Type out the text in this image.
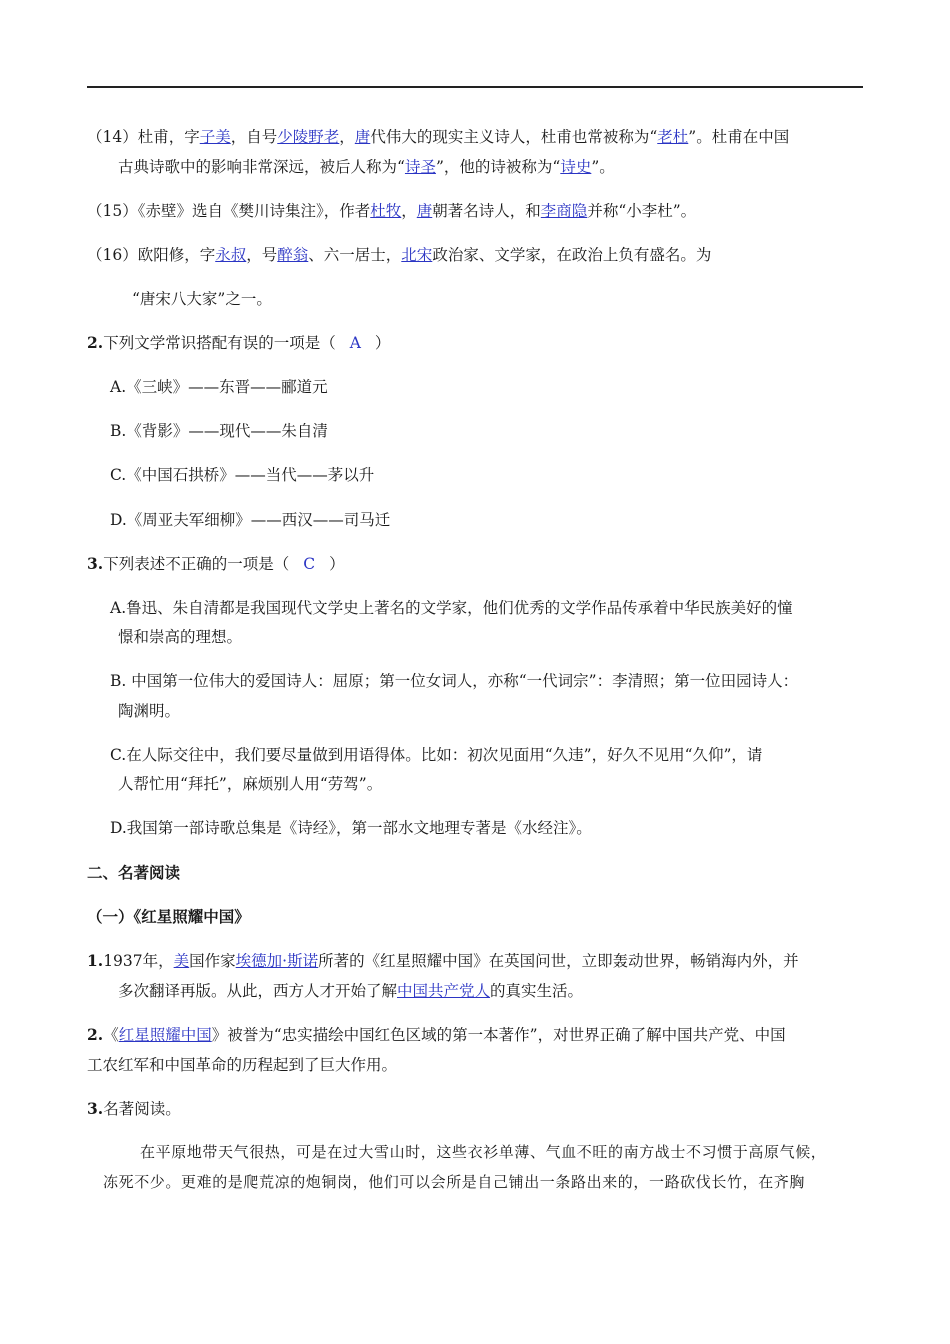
（14）杜甫，字子美，自号少陵野老，唐代伟大的现实主义诗人，杜甫也常被称为“老杜”。杜甫在中国
古典诗歌中的影响非常深远，被后人称为“诗圣”，他的诗被称为“诗史”。
（15）《赤壁》选自《樊川诗集注》，作者杜牧，唐朝著名诗人，和李商隐并称“小李杜”。
（16）欧阳修，字永叔，号醉翁、六一居士，北宋政治家、文学家，在政治上负有盛名。为
“唐宋八大家”之一。
2.下列文学常识搭配有误的一项是（ A ）
A.《三峡》——东晋——郦道元
B.《背影》——现代——朱自清
C.《中国石拱桥》——当代——茅以升
D.《周亚夫军细柳》——西汉——司马迁
3.下列表述不正确的一项是（ C ）
A.鲁迅、朱自清都是我国现代文学史上著名的文学家，他们优秀的文学作品传承着中华民族美好的憧
憬和崇高的理想。
B. 中国第一位伟大的爱国诗人：屈原；第一位女词人，亦称“一代词宗”：李清照；第一位田园诗人：
陶渊明。
C.在人际交往中，我们要尽量做到用语得体。比如：初次见面用“久违”，好久不见用“久仰”，请
人帮忙用“拜托”，麻烦别人用“劳驾”。
D.我国第一部诗歌总集是《诗经》，第一部水文地理专著是《水经注》。
二、名著阅读
（一）《红星照耀中国》
1.1937年，美国作家埃德加·斯诺所著的《红星照耀中国》在英国问世，立即轰动世界，畅销海内外，并
多次翻译再版。从此，西方人才开始了解中国共产党人的真实生活。
2.《红星照耀中国》被誉为“忠实描绘中国红色区域的第一本著作”，对世界正确了解中国共产党、中国
工农红军和中国革命的历程起到了巨大作用。
3.名著阅读。
在平原地带天气很热，可是在过大雪山时，这些衣衫单薄、气血不旺的南方战士不习惯于高原气候，
冻死不少。更难的是爬荒凉的炮铜岗，他们可以会所是自己铺出一条路出来的，一路砍伐长竹，在齐胸
